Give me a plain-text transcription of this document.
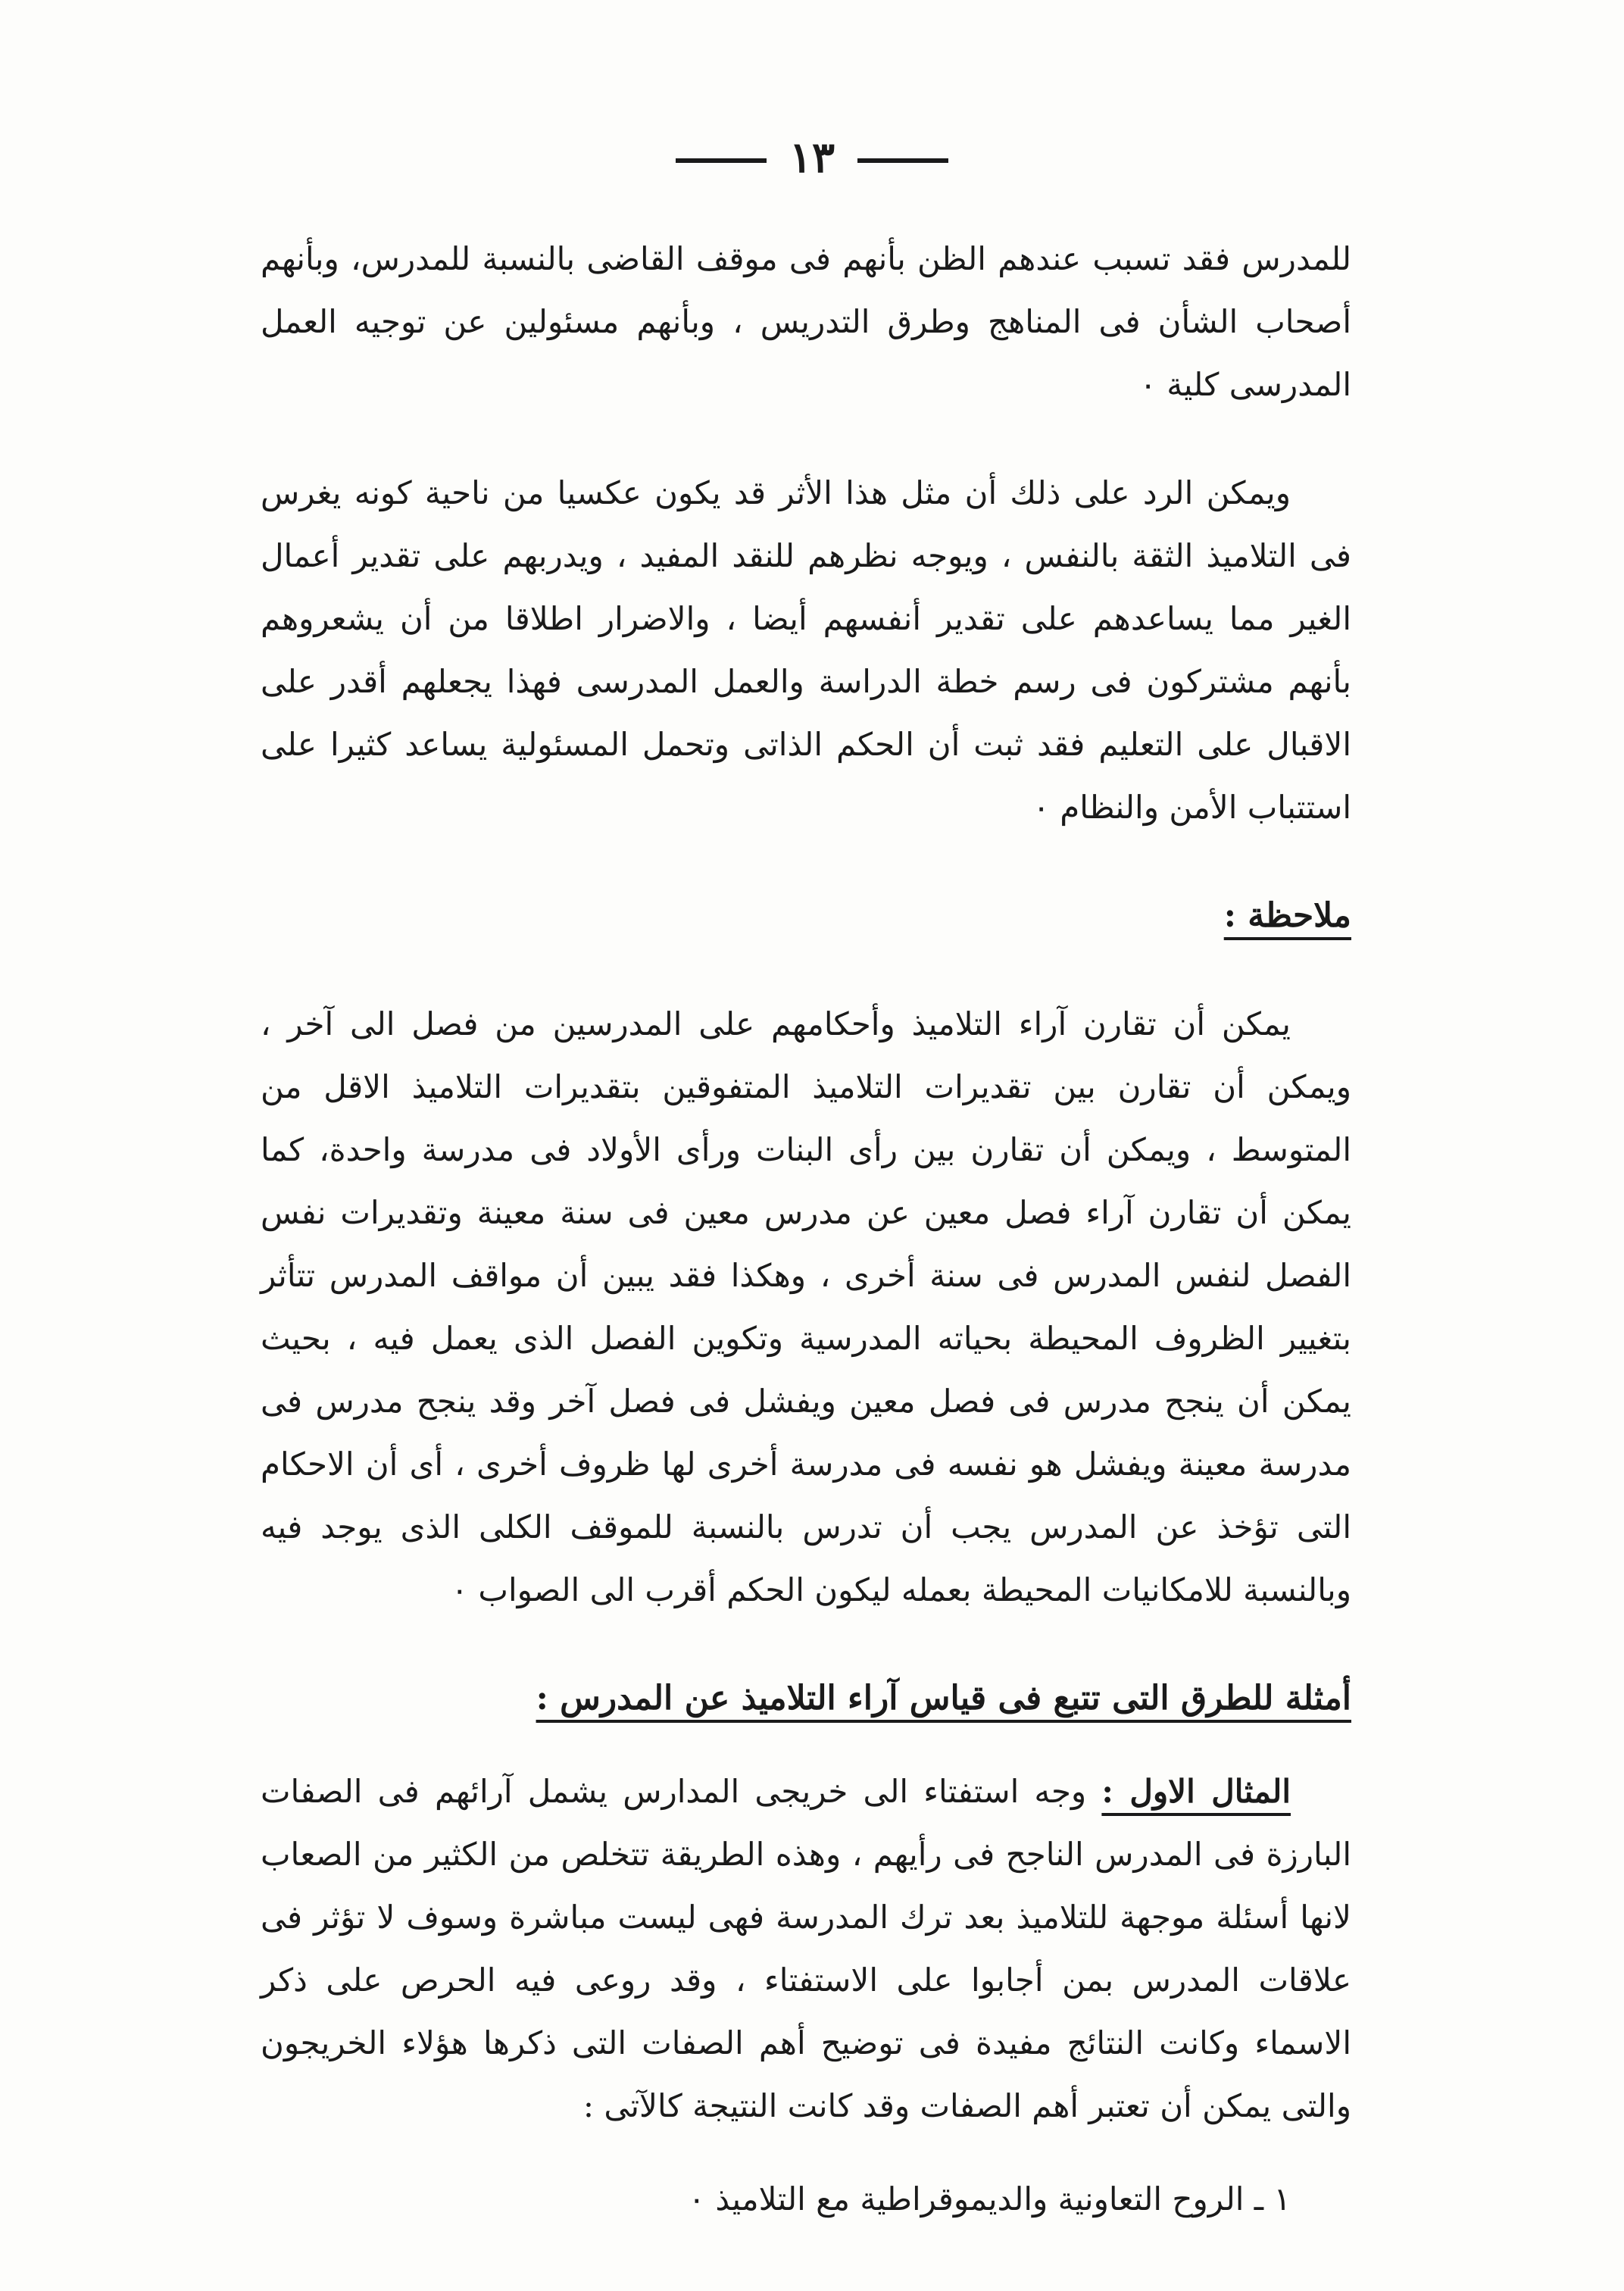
١٣

للمدرس فقد تسبب عندهم الظن بأنهم فى موقف القاضى بالنسبة للمدرس، وبأنهم أصحاب الشأن فى المناهج وطرق التدريس ، وبأنهم مسئولين عن توجيه العمل المدرسى كلية ٠

ويمكن الرد على ذلك أن مثل هذا الأثر قد يكون عكسيا من ناحية كونه يغرس فى التلاميذ الثقة بالنفس ، ويوجه نظرهم للنقد المفيد ، ويدربهم على تقدير أعمال الغير مما يساعدهم على تقدير أنفسهم أيضا ، والاضرار اطلاقا من أن يشعروهم بأنهم مشتركون فى رسم خطة الدراسة والعمل المدرسى فهذا يجعلهم أقدر على الاقبال على التعليم فقد ثبت أن الحكم الذاتى وتحمل المسئولية يساعد كثيرا على استتباب الأمن والنظام ٠

ملاحظة :

يمكن أن تقارن آراء التلاميذ وأحكامهم على المدرسين من فصل الى آخر ، ويمكن أن تقارن بين تقديرات التلاميذ المتفوقين بتقديرات التلاميذ الاقل من المتوسط ، ويمكن أن تقارن بين رأى البنات ورأى الأولاد فى مدرسة واحدة، كما يمكن أن تقارن آراء فصل معين عن مدرس معين فى سنة معينة وتقديرات نفس الفصل لنفس المدرس فى سنة أخرى ، وهكذا فقد يبين أن مواقف المدرس تتأثر بتغيير الظروف المحيطة بحياته المدرسية وتكوين الفصل الذى يعمل فيه ، بحيث يمكن أن ينجح مدرس فى فصل معين ويفشل فى فصل آخر وقد ينجح مدرس فى مدرسة معينة ويفشل هو نفسه فى مدرسة أخرى لها ظروف أخرى ، أى أن الاحكام التى تؤخذ عن المدرس يجب أن تدرس بالنسبة للموقف الكلى الذى يوجد فيه وبالنسبة للامكانيات المحيطة بعمله ليكون الحكم أقرب الى الصواب ٠

أمثلة للطرق التى تتبع فى قياس آراء التلاميذ عن المدرس :

المثال الاول : وجه استفتاء الى خريجى المدارس يشمل آرائهم فى الصفات البارزة فى المدرس الناجح فى رأيهم ، وهذه الطريقة تتخلص من الكثير من الصعاب لانها أسئلة موجهة للتلاميذ بعد ترك المدرسة فهى ليست مباشرة وسوف لا تؤثر فى علاقات المدرس بمن أجابوا على الاستفتاء ، وقد روعى فيه الحرص على ذكر الاسماء وكانت النتائج مفيدة فى توضيح أهم الصفات التى ذكرها هؤلاء الخريجون والتى يمكن أن تعتبر أهم الصفات وقد كانت النتيجة كالآتى :

١ ـ الروح التعاونية والديموقراطية مع التلاميذ ٠
